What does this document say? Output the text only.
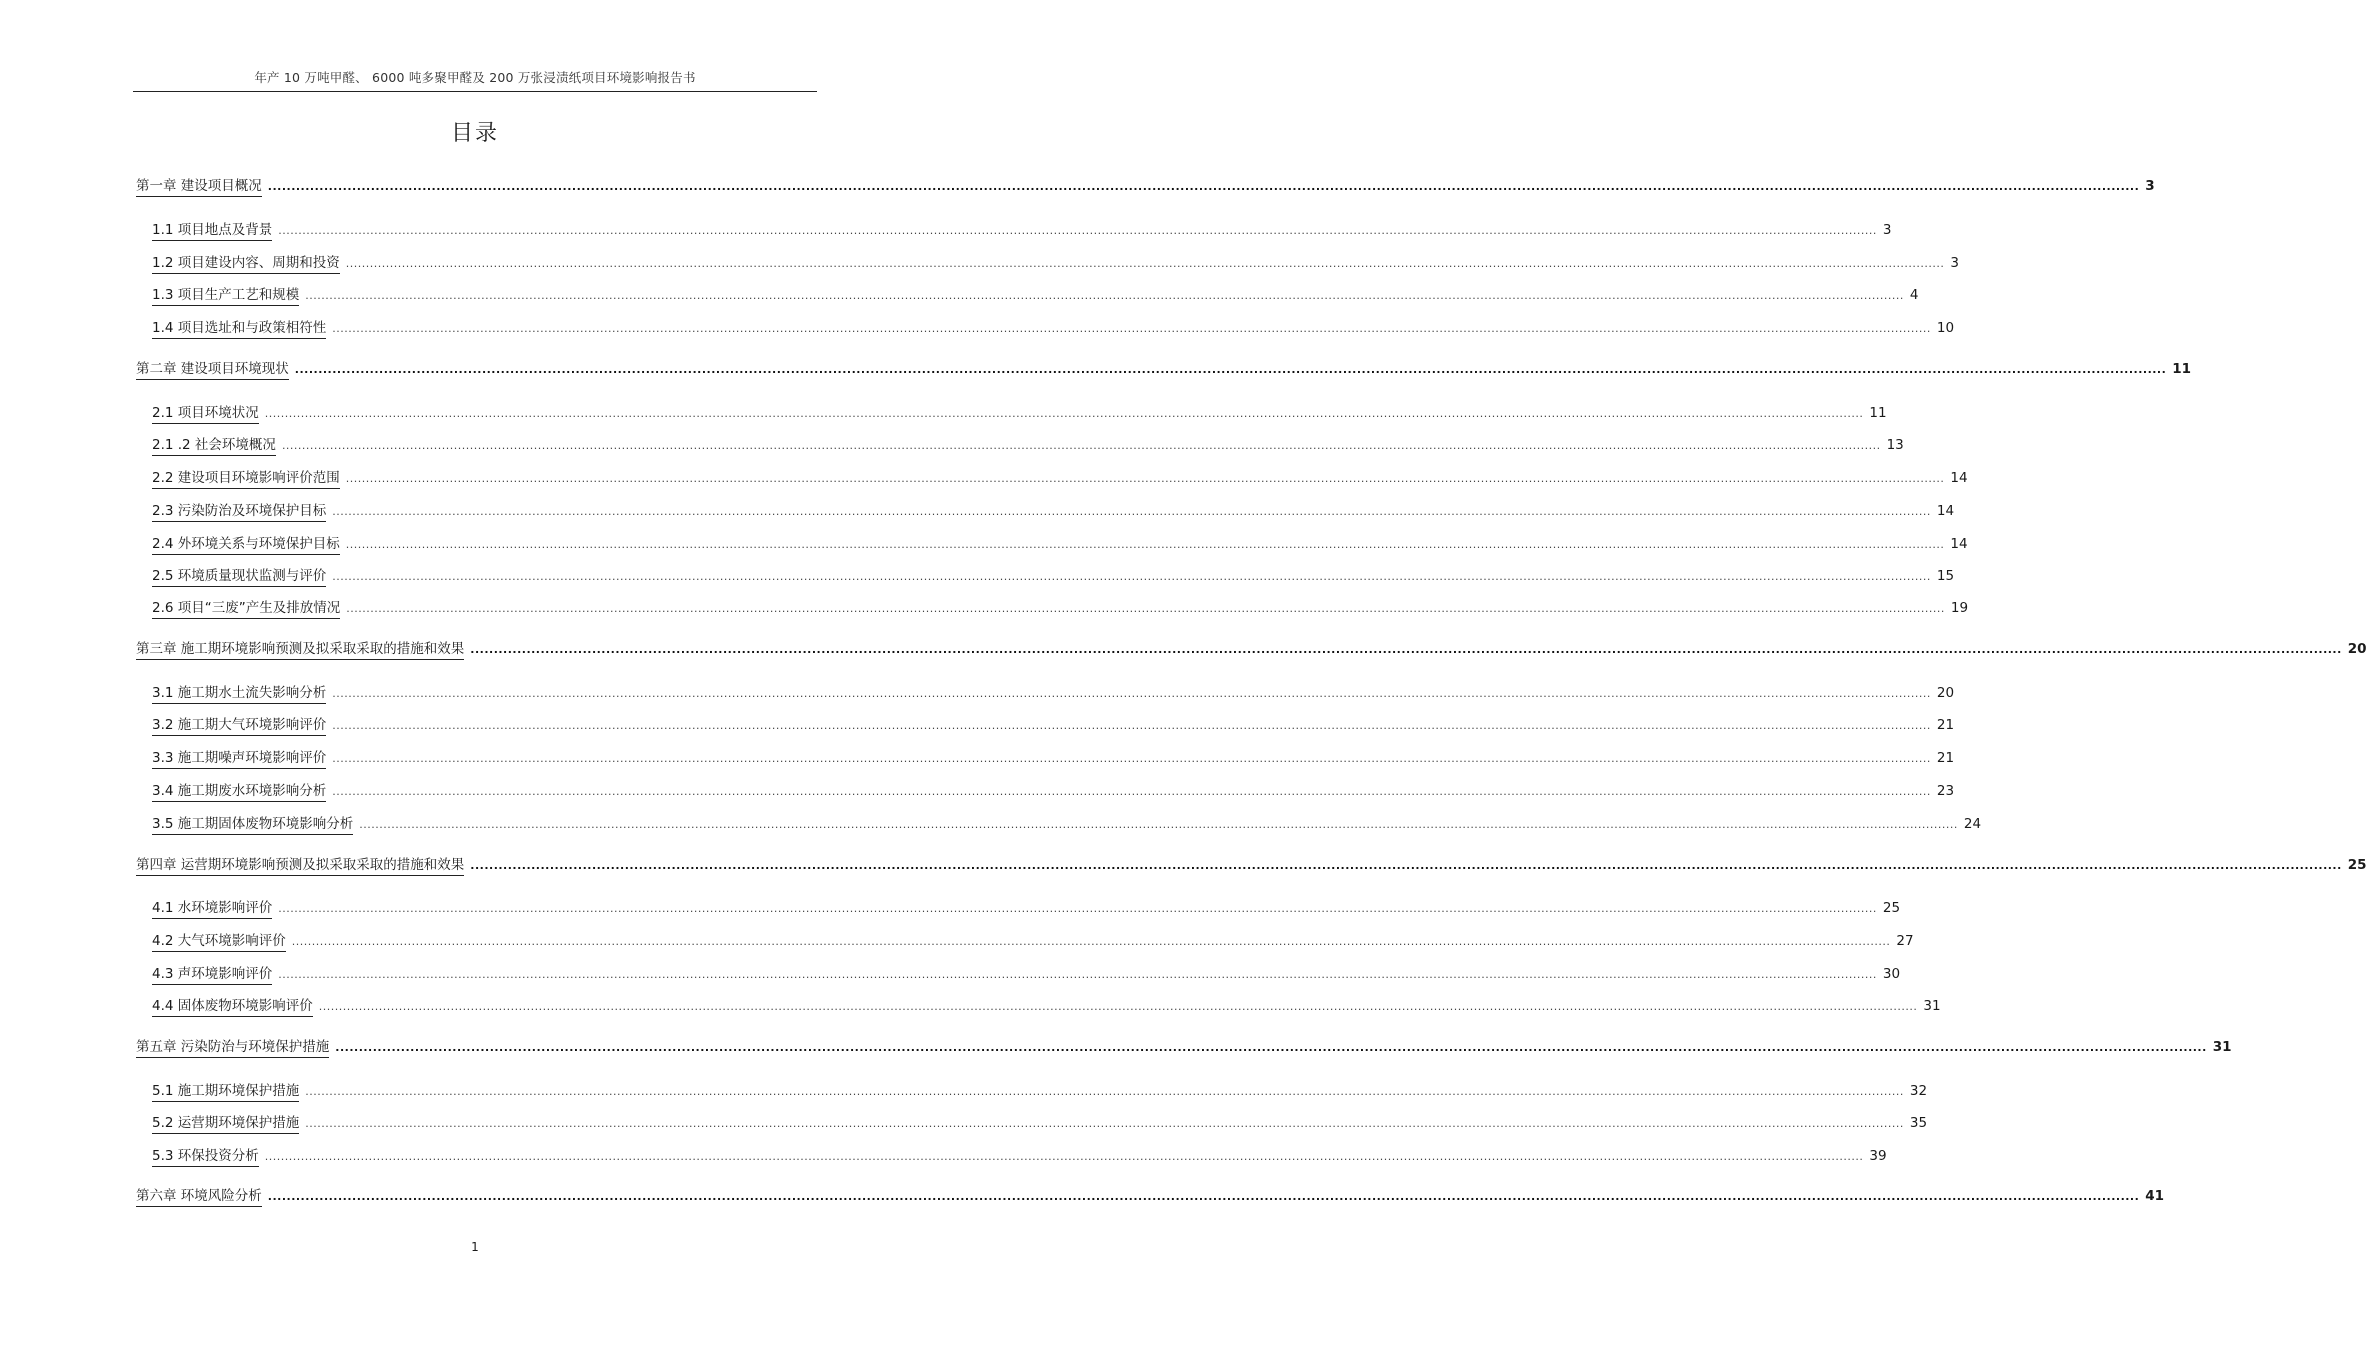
年产 10 万吨甲醛、 6000 吨多聚甲醛及 200 万张浸渍纸项目环境影响报告书
目录
第一章 建设项目概况 ................................................................................................................................................................................................................................................................................................................................................................................................................ 3
1.1 项目地点及背景 ................................................................................................................................................................................................................................................................................................................................................................................................................ 3
1.2 项目建设内容、周期和投资 ................................................................................................................................................................................................................................................................................................................................................................................................................ 3
1.3 项目生产工艺和规模 ................................................................................................................................................................................................................................................................................................................................................................................................................ 4
1.4 项目选址和与政策相符性 ................................................................................................................................................................................................................................................................................................................................................................................................................ 10
第二章 建设项目环境现状 ................................................................................................................................................................................................................................................................................................................................................................................................................ 11
2.1 项目环境状况 ................................................................................................................................................................................................................................................................................................................................................................................................................ 11
2.1 .2 社会环境概况 ................................................................................................................................................................................................................................................................................................................................................................................................................ 13
2.2 建设项目环境影响评价范围 ................................................................................................................................................................................................................................................................................................................................................................................................................ 14
2.3 污染防治及环境保护目标 ................................................................................................................................................................................................................................................................................................................................................................................................................ 14
2.4 外环境关系与环境保护目标 ................................................................................................................................................................................................................................................................................................................................................................................................................ 14
2.5 环境质量现状监测与评价 ................................................................................................................................................................................................................................................................................................................................................................................................................ 15
2.6 项目“三废”产生及排放情况 ................................................................................................................................................................................................................................................................................................................................................................................................................ 19
第三章 施工期环境影响预测及拟采取采取的措施和效果 ................................................................................................................................................................................................................................................................................................................................................................................................................ 20
3.1 施工期水土流失影响分析 ................................................................................................................................................................................................................................................................................................................................................................................................................ 20
3.2 施工期大气环境影响评价 ................................................................................................................................................................................................................................................................................................................................................................................................................ 21
3.3 施工期噪声环境影响评价 ................................................................................................................................................................................................................................................................................................................................................................................................................ 21
3.4 施工期废水环境影响分析 ................................................................................................................................................................................................................................................................................................................................................................................................................ 23
3.5 施工期固体废物环境影响分析 ................................................................................................................................................................................................................................................................................................................................................................................................................ 24
第四章 运营期环境影响预测及拟采取采取的措施和效果 ................................................................................................................................................................................................................................................................................................................................................................................................................ 25
4.1 水环境影响评价 ................................................................................................................................................................................................................................................................................................................................................................................................................ 25
4.2 大气环境影响评价 ................................................................................................................................................................................................................................................................................................................................................................................................................ 27
4.3 声环境影响评价 ................................................................................................................................................................................................................................................................................................................................................................................................................ 30
4.4 固体废物环境影响评价 ................................................................................................................................................................................................................................................................................................................................................................................................................ 31
第五章 污染防治与环境保护措施 ................................................................................................................................................................................................................................................................................................................................................................................................................ 31
5.1 施工期环境保护措施 ................................................................................................................................................................................................................................................................................................................................................................................................................ 32
5.2 运营期环境保护措施 ................................................................................................................................................................................................................................................................................................................................................................................................................ 35
5.3 环保投资分析 ................................................................................................................................................................................................................................................................................................................................................................................................................ 39
第六章 环境风险分析 ................................................................................................................................................................................................................................................................................................................................................................................................................ 41
1
